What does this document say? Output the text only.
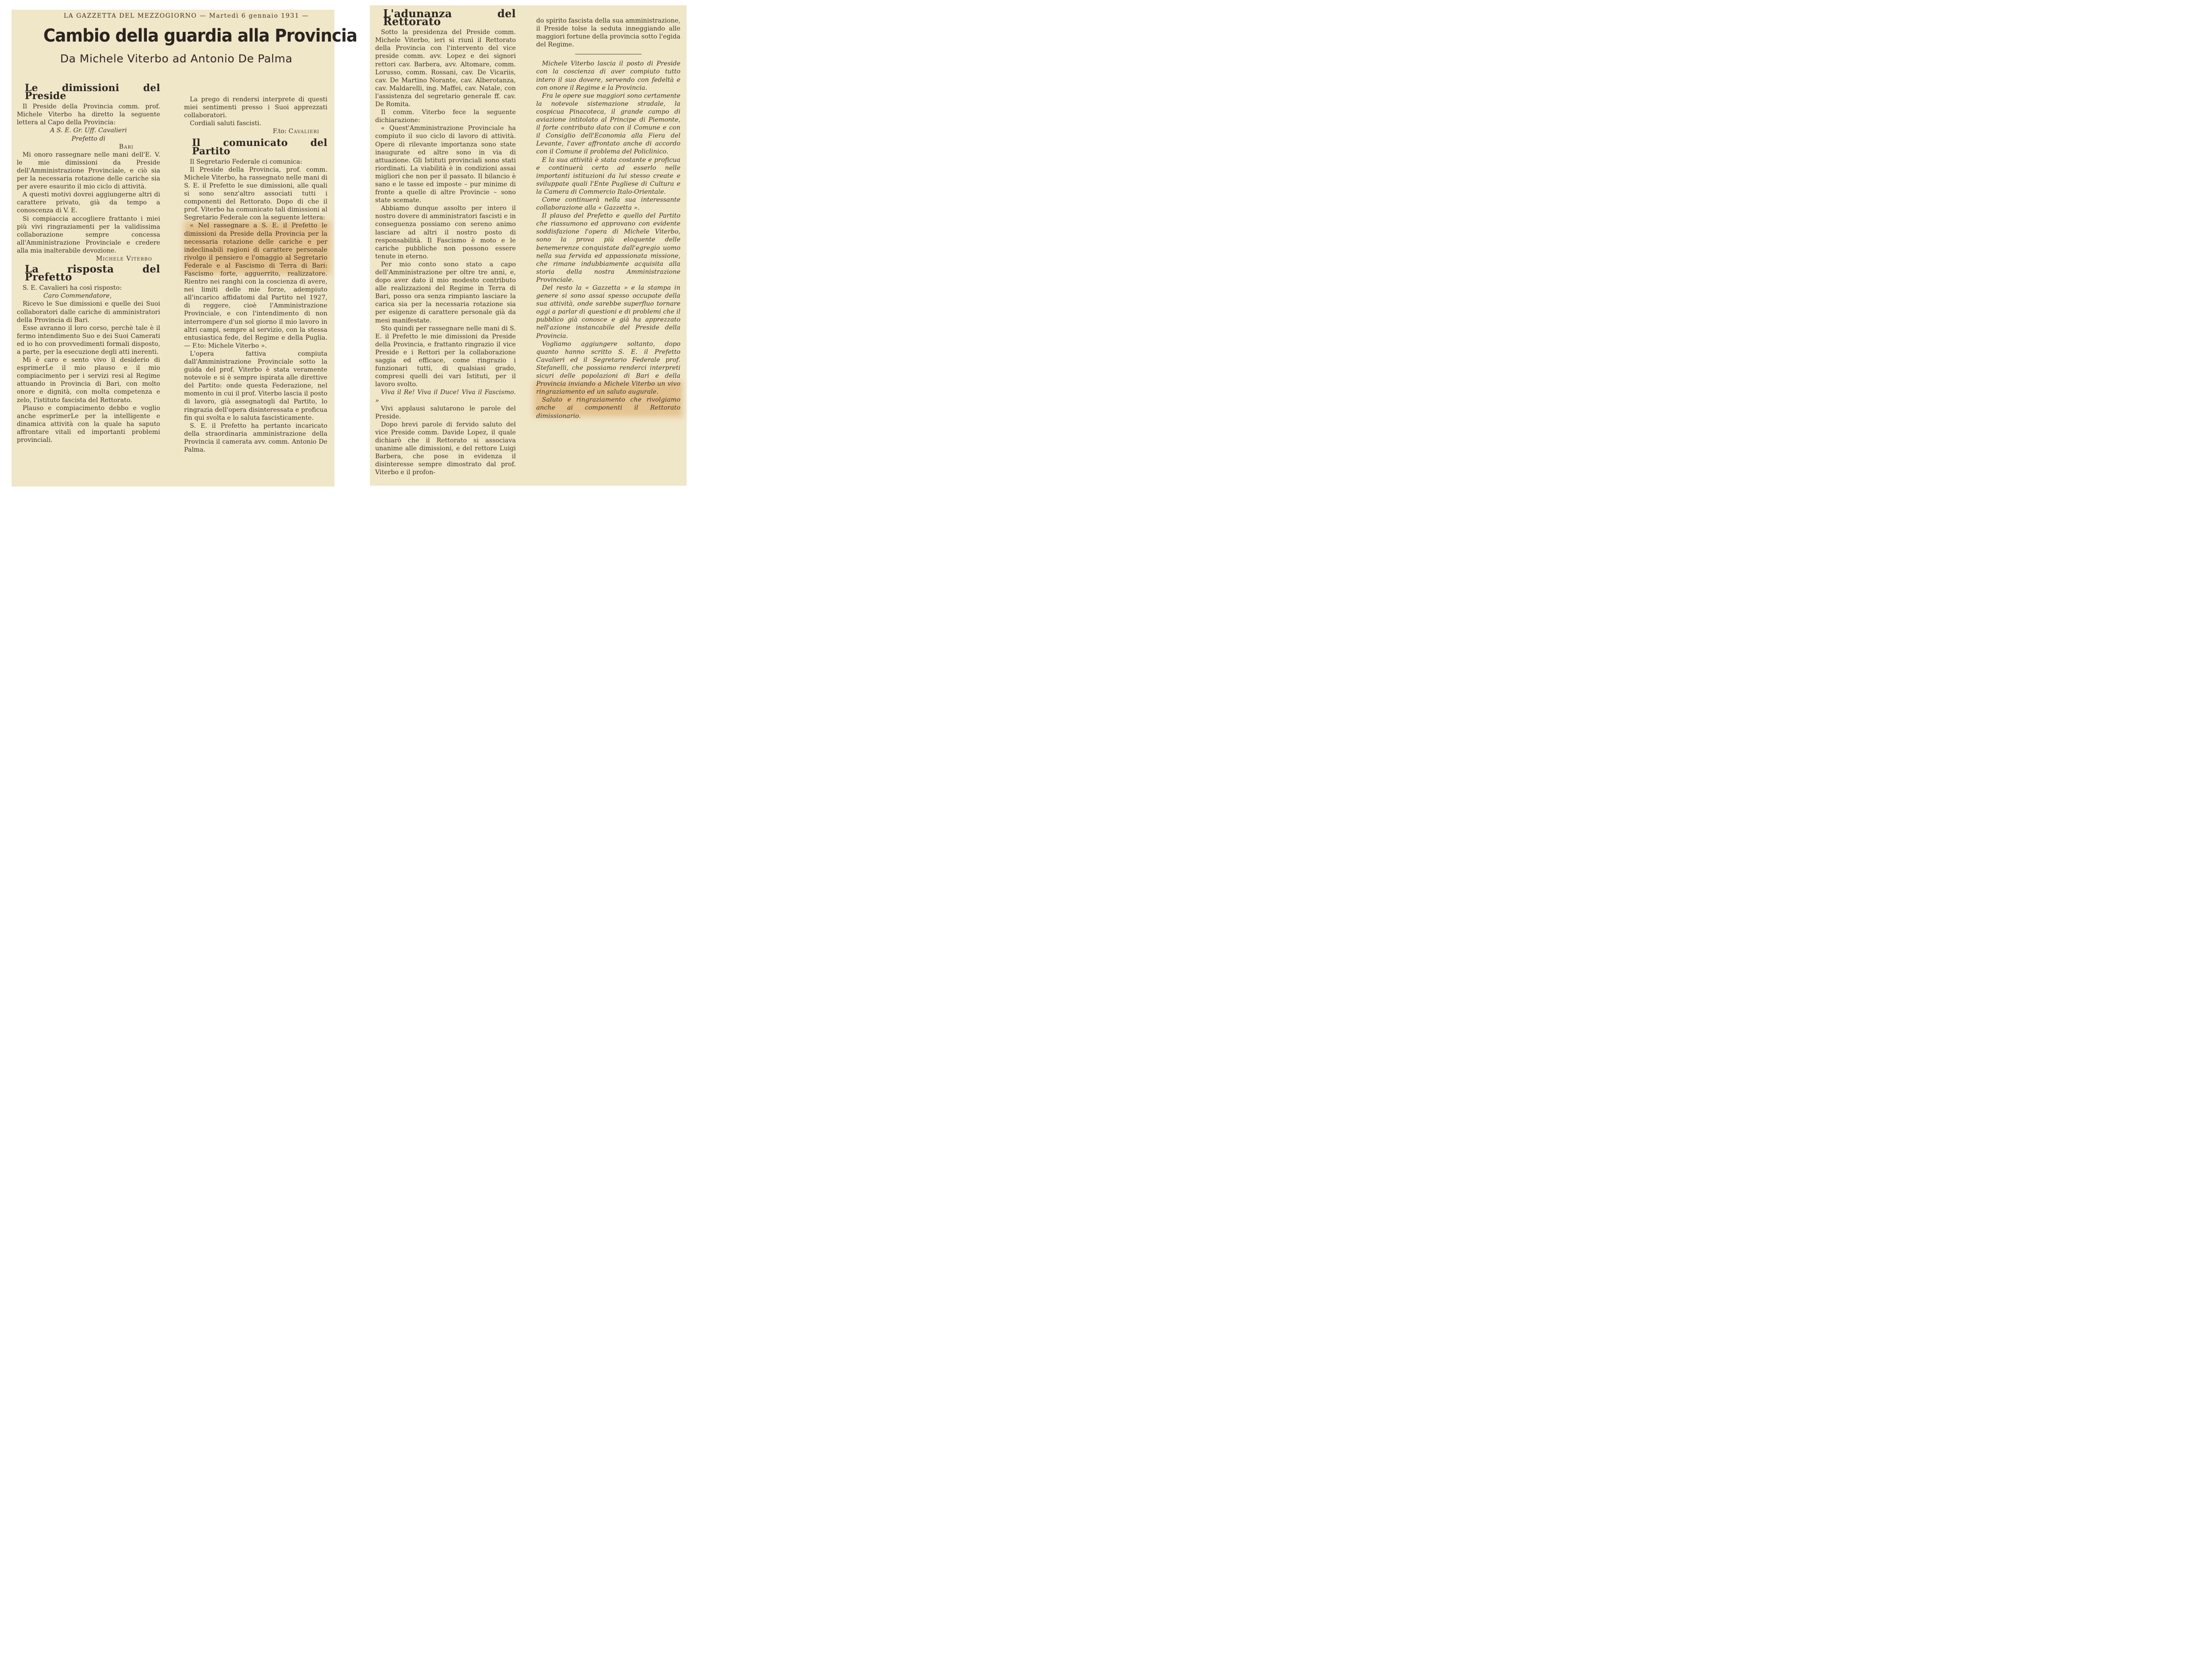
LA GAZZETTA DEL MEZZOGIORNO — Martedì 6 gennaio 1931 —
Cambio della guardia alla Provincia
Da Michele Viterbo ad Antonio De Palma
Le dimissioni del Preside

Il Preside della Provincia comm. prof. Michele Viterbo ha diretto la seguente lettera al Capo della Provincia:

A S. E. Gr. Uff. Cavalieri

Prefetto di

Bari

Mi onoro rassegnare nelle mani dell'E. V. le mie dimissioni da Preside dell'Amministrazione Provinciale, e ciò sia per la necessaria rotazione delle cariche sia per avere esaurito il mio ciclo di attività.

A questi motivi dovrei aggiungerne altri di carattere privato, già da tempo a conoscenza di V. E.

Si compiaccia accogliere frattanto i miei più vivi ringraziamenti per la validissima collaborazione sempre concessa all'Amministrazione Provinciale e credere alla mia inalterabile devozione.

Michele Viterbo

La risposta del Prefetto

S. E. Cavalieri ha così risposto:

Caro Commendatore,

Ricevo le Sue dimissioni e quelle dei Suoi collaboratori dalle cariche di amministratori della Provincia di Bari.

Esse avranno il loro corso, perchè tale è il fermo intendimento Suo e dei Suoi Camerati ed io ho con provvedimenti formali disposto, a parte, per la esecuzione degli atti inerenti.

Mi è caro e sento vivo il desiderio di esprimerLe il mio plauso e il mio compiacimento per i servizi resi al Regime attuando in Provincia di Bari, con molto onore e dignità, con molta competenza e zelo, l'istituto fascista del Rettorato.

Plauso e compiacimento debbo e voglio anche esprimerLe per la intelligente e dinamica attività con la quale ha saputo affrontare vitali ed importanti problemi provinciali.

La prego di rendersi interprete di questi miei sentimenti presso i Suoi apprezzati collaboratori.

Cordiali saluti fascisti.

F.to: Cavalieri

Il comunicato del Partito

Il Segretario Federale ci comunica:

Il Preside della Provincia, prof. comm. Michele Viterbo, ha rassegnato nelle mani di S. E. il Prefetto le sue dimissioni, alle quali si sono senz'altro associati tutti i componenti del Rettorato. Dopo di che il prof. Viterbo ha comunicato tali dimissioni al Segretario Federale con la seguente lettera:

« Nel rassegnare a S. E. il Prefetto le dimissioni da Preside della Provincia per la necessaria rotazione delle cariche e per indeclinabili ragioni di carattere personale rivolgo il pensiero e l'omaggio al Segretario Federale e al Fascismo di Terra di Bari: Fascismo forte, agguerrito, realizzatore. Rientro nei ranghi con la coscienza di avere, nei limiti delle mie forze, adempiuto all'incarico affidatomi dal Partito nel 1927, di reggere, cioè l'Amministrazione Provinciale, e con l'intendimento di non interrompere d'un sol giorno il mio lavoro in altri campi, sempre al servizio, con la stessa entusiastica fede, del Regime e della Puglia. — F.to: Michele Viterbo ».

L'opera fattiva compiuta dall'Amministrazione Provinciale sotto la guida del prof. Viterbo è stata veramente notevole e si è sempre ispirata alle direttive del Partito: onde questa Federazione, nel momento in cui il prof. Viterbo lascia il posto di lavoro, già assegnatogli dal Partito, lo ringrazia dell'opera disinteressata e proficua fin qui svolta e lo saluta fascisticamente.

S. E. il Prefetto ha pertanto incaricato della straordinaria amministrazione della Provincia il camerata avv. comm. Antonio De Palma.

L'adunanza del Rettorato

Sotto la presidenza del Preside comm. Michele Viterbo, ieri si riunì il Rettorato della Provincia con l'intervento del vice preside comm. avv. Lopez e dei signori rettori cav. Barbera, avv. Altomare, comm. Lorusso, comm. Rossani, cav. De Vicariis, cav. De Martino Norante, cav. Alberotanza, cav. Maldarelli, ing. Maffei, cav. Natale, con l'assistenza del segretario generale ff. cav. De Romita.

Il comm. Viterbo fece la seguente dichiarazione:

« Quest'Amministrazione Provinciale ha compiuto il suo ciclo di lavoro di attività. Opere di rilevante importanza sono state inaugurate ed altre sono in via di attuazione. Gli Istituti provinciali sono stati riordinati. La viabilità è in condizioni assai migliori che non per il passato. Il bilancio è sano e le tasse ed imposte – pur minime di fronte a quelle di altre Provincie – sono state scemate.

Abbiamo dunque assolto per intero il nostro dovere di amministratori fascisti e in conseguenza possiamo con sereno animo lasciare ad altri il nostro posto di responsabilità. Il Fascismo è moto e le cariche pubbliche non possono essere tenute in eterno.

Per mio conto sono stato a capo dell'Amministrazione per oltre tre anni, e, dopo aver dato il mio modesto contributo alle realizzazioni del Regime in Terra di Bari, posso ora senza rimpianto lasciare la carica sia per la necessaria rotazione sia per esigenze di carattere personale già da mesi manifestate.

Sto quindi per rassegnare nelle mani di S. E. il Prefetto le mie dimissioni da Preside della Provincia, e frattanto ringrazio il vice Preside e i Rettori per la collaborazione saggia ed efficace, come ringrazio i funzionari tutti, di qualsiasi grado, compresi quelli dei vari Istituti, per il lavoro svolto.

Viva il Re! Viva il Duce! Viva il Fascismo. »

Vivi applausi salutarono le parole del Preside.

Dopo brevi parole di fervido saluto del vice Preside comm. Davide Lopez, il quale dichiarò che il Rettorato si associava unanime alle dimissioni, e del rettore Luigi Barbera, che pose in evidenza il disinteresse sempre dimostrato dal prof. Viterbo e il profon-

do spirito fascista della sua amministrazione, il Preside tolse la seduta inneggiando alle maggiori fortune della provincia sotto l'egida del Regime.

Michele Viterbo lascia il posto di Preside con la coscienza di aver compiuto tutto intero il suo dovere, servendo con fedeltà e con onore il Regime e la Provincia.

Fra le opere sue maggiori sono certamente la notevole sistemazione stradale, la cospicua Pinacoteca, il grande campo di aviazione intitolato al Principe di Piemonte, il forte contributo dato con il Comune e con il Consiglio dell'Economia alla Fiera del Levante, l'aver affrontato anche di accordo con il Comune il problema del Policlinico.

E la sua attività è stata costante e proficua e continuerà certo ad esserlo nelle importanti istituzioni da lui stesso create e sviluppate quali l'Ente Pugliese di Cultura e la Camera di Commercio Italo-Orientale.

Come continuerà nella sua interessante collaborazione alla « Gazzetta ».

Il plauso del Prefetto e quello del Partito che riassumono ed approvano con evidente soddisfazione l'opera di Michele Viterbo, sono la prova più eloquente delle benemerenze conquistate dall'egregio uomo nella sua fervida ed appassionata missione, che rimane indubbiamente acquisita alla storia della nostra Amministrazione Provinciale.

Del resto la « Gazzetta » e la stampa in genere si sono assai spesso occupate della sua attività, onde sarebbe superfluo tornare oggi a parlar di questioni e di problemi che il pubblico già conosce e già ha apprezzato nell'azione instancabile del Preside della Provincia.

Vogliamo aggiungere soltanto, dopo quanto hanno scritto S. E. il Prefetto Cavalieri ed il Segretario Federale prof. Stefanelli, che possiamo renderci interpreti sicuri delle popolazioni di Bari e della Provincia inviando a Michele Viterbo un vivo ringraziamento ed un saluto augurale.

Saluto e ringraziamento che rivolgiamo anche ai componenti il Rettorato dimissionario.
